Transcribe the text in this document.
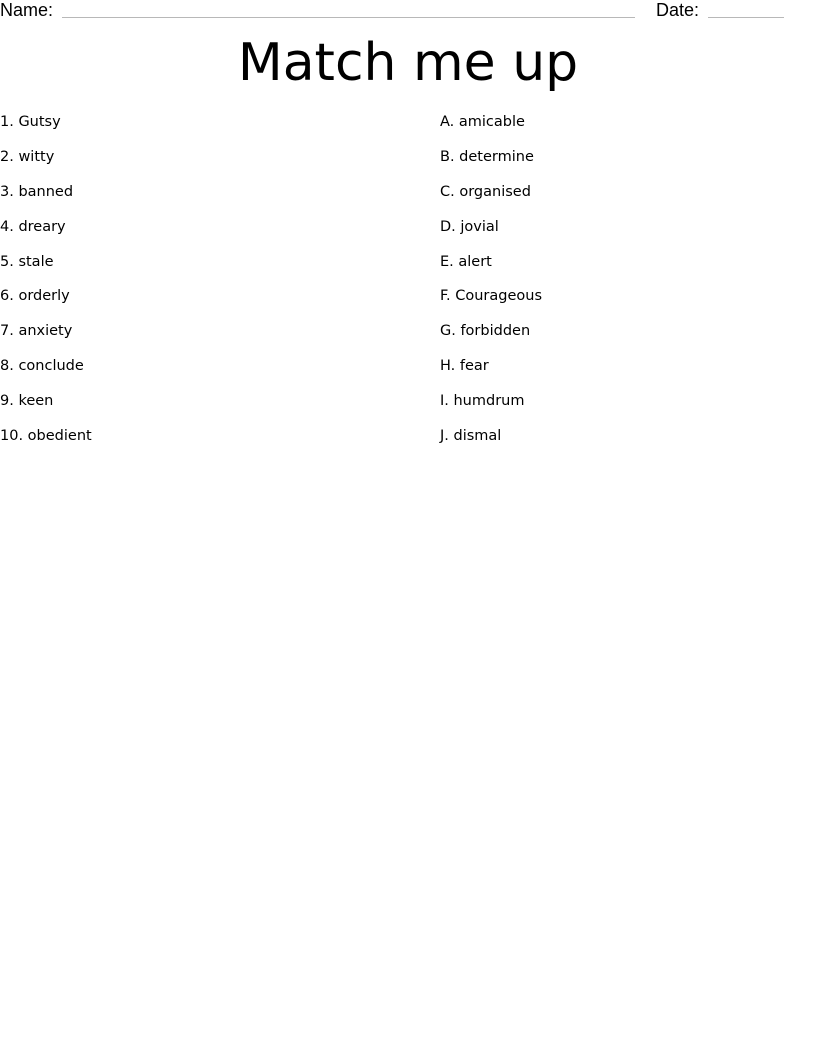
Name:	Date:
Match me up
1. Gutsy
2. witty
3. banned
4. dreary
5. stale
6. orderly
7. anxiety
8. conclude
9. keen
10. obedient
A. amicable
B. determine
C. organised
D. jovial
E. alert
F. Courageous
G. forbidden
H. fear
I. humdrum
J. dismal
